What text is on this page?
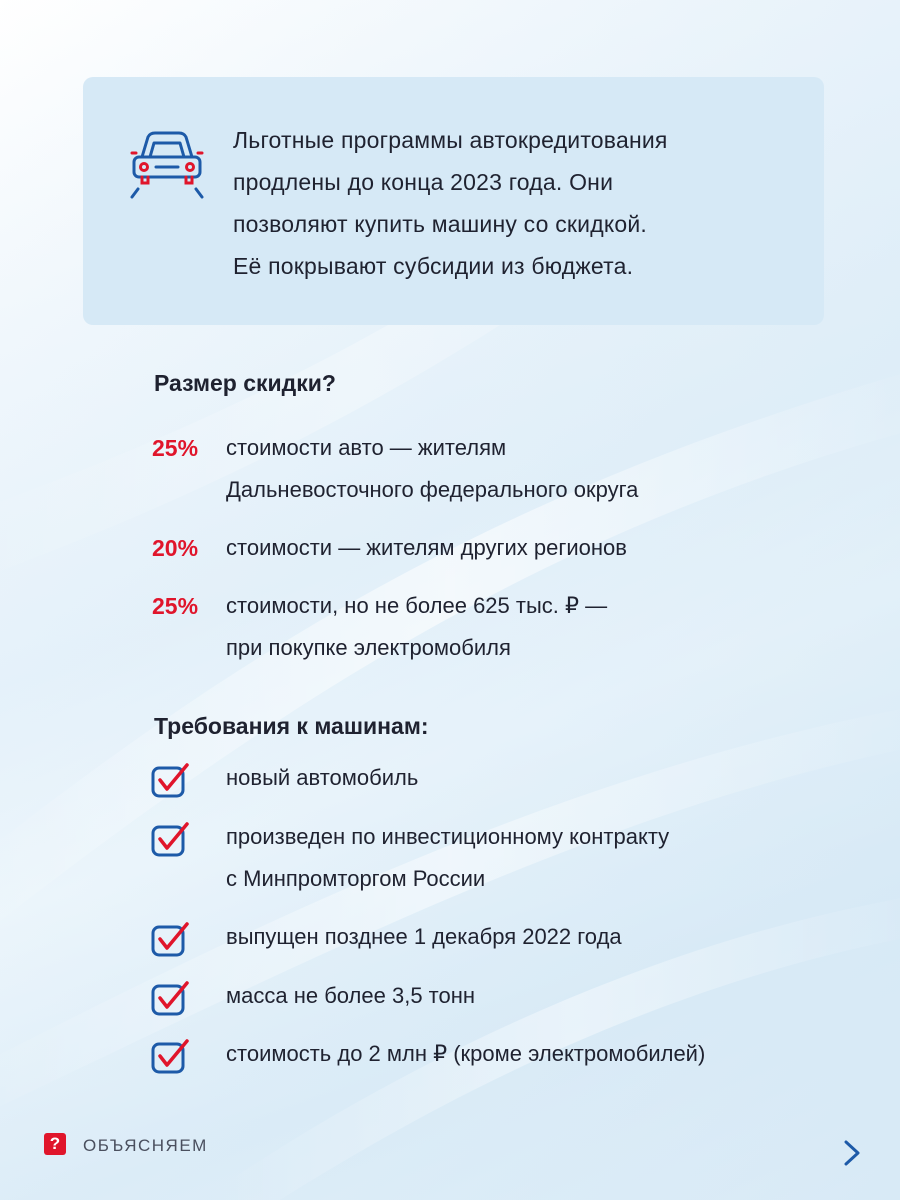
Льготные программы автокредитования
продлены до конца 2023 года. Они
позволяют купить машину со скидкой.
Её покрывают субсидии из бюджета.
Размер скидки?
25% стоимости авто — жителям
Дальневосточного федерального округа
20% стоимости — жителям других регионов
25% стоимости, но не более 625 тыс. ₽ —
при покупке электромобиля
Требования к машинам:
новый автомобиль
произведен по инвестиционному контракту
с Минпромторгом России
выпущен позднее 1 декабря 2022 года
масса не более 3,5 тонн
стоимость до 2 млн ₽ (кроме электромобилей)
?	ОБЪЯСНЯЕМ
